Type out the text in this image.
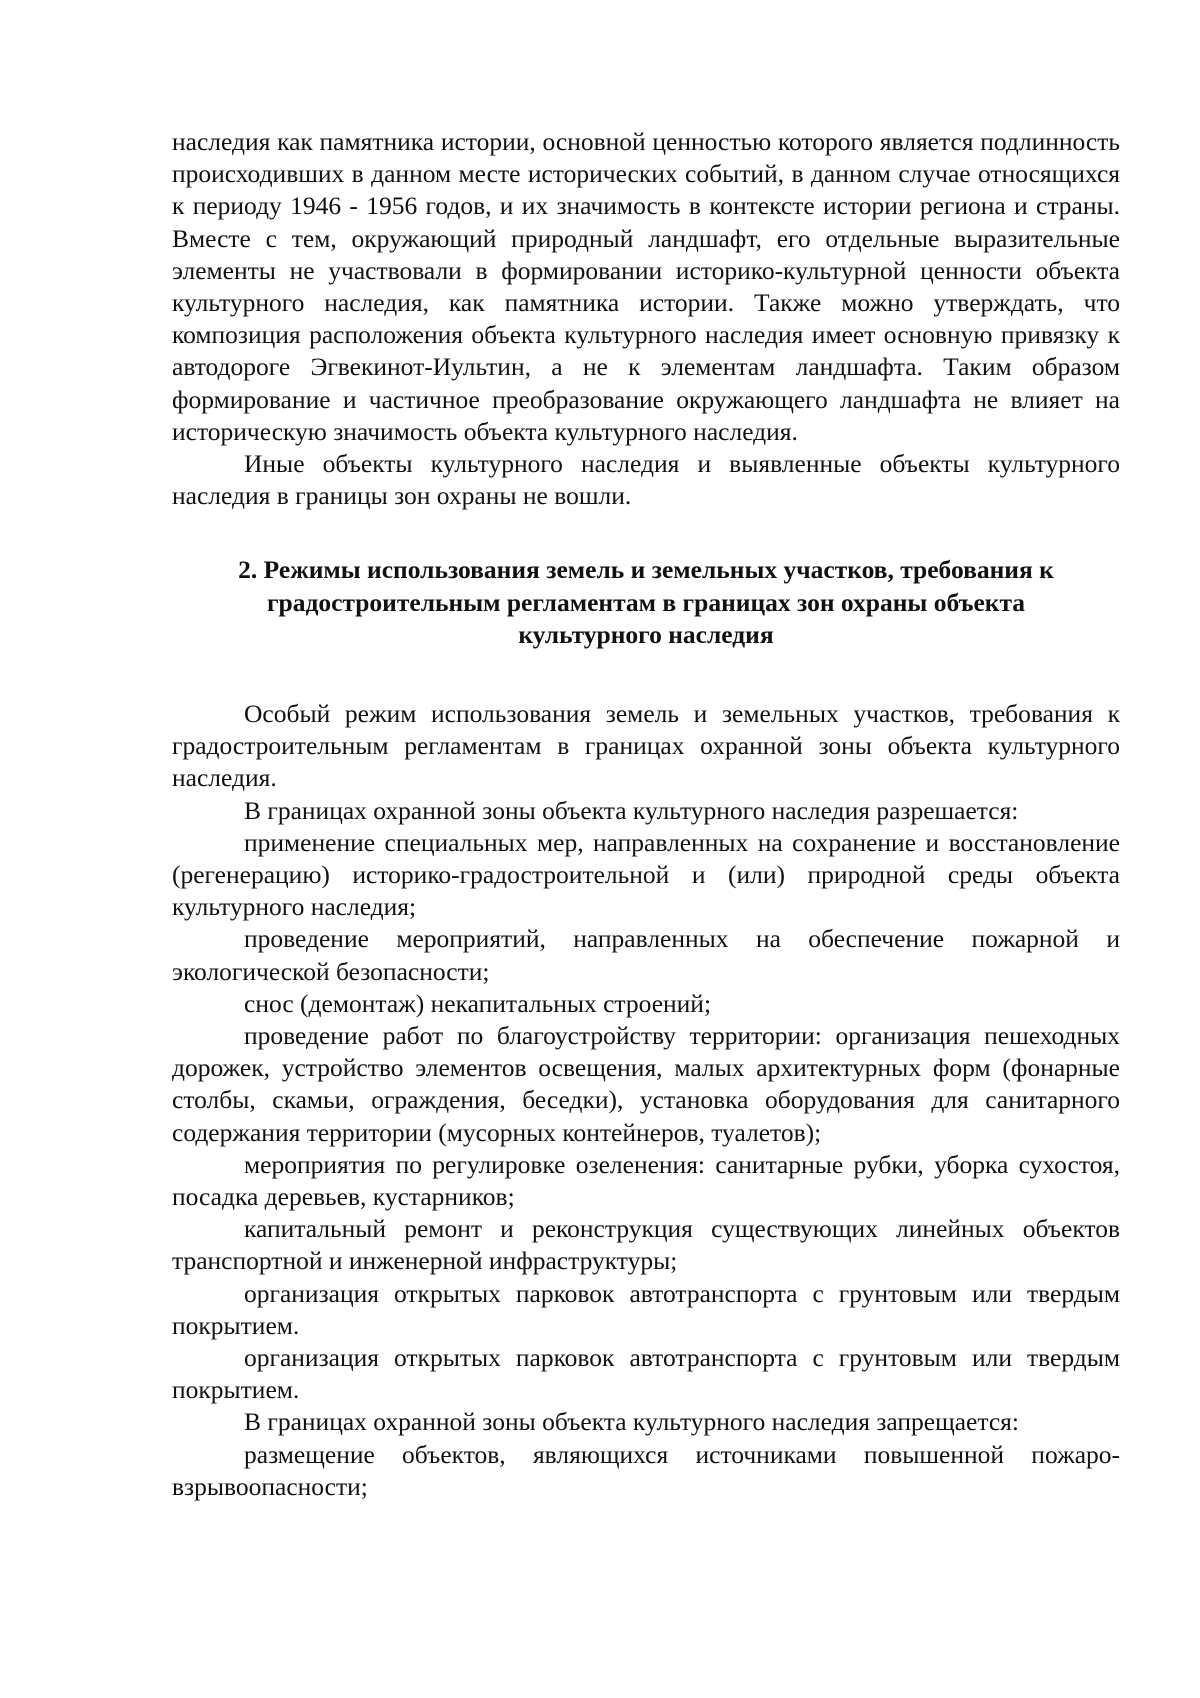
наследия как памятника истории, основной ценностью которого является подлинность происходивших в данном месте исторических событий, в данном случае относящихся к периоду 1946 - 1956 годов, и их значимость в контексте истории региона и страны. Вместе с тем, окружающий природный ландшафт, его отдельные выразительные элементы не участвовали в формировании историко-культурной ценности объекта культурного наследия, как памятника истории. Также можно утверждать, что композиция расположения объекта культурного наследия имеет основную привязку к автодороге Эгвекинот-Иультин, а не к элементам ландшафта. Таким образом формирование и частичное преобразование окружающего ландшафта не влияет на историческую значимость объекта культурного наследия.

Иные объекты культурного наследия и выявленные объекты культурного наследия в границы зон охраны не вошли.

2. Режимы использования земель и земельных участков, требования к
градостроительным регламентам в границах зон охраны объекта
культурного наследия

Особый режим использования земель и земельных участков, требования к градостроительным регламентам в границах охранной зоны объекта культурного наследия.

В границах охранной зоны объекта культурного наследия разрешается:

применение специальных мер, направленных на сохранение и восстановление (регенерацию) историко-градостроительной и (или) природной среды объекта культурного наследия;

проведение мероприятий, направленных на обеспечение пожарной и экологической безопасности;

снос (демонтаж) некапитальных строений;

проведение работ по благоустройству территории: организация пешеходных дорожек, устройство элементов освещения, малых архитектурных форм (фонарные столбы, скамьи, ограждения, беседки), установка оборудования для санитарного содержания территории (мусорных контейнеров, туалетов);

мероприятия по регулировке озеленения: санитарные рубки, уборка сухостоя, посадка деревьев, кустарников;

капитальный ремонт и реконструкция существующих линейных объектов транспортной и инженерной инфраструктуры;

организация открытых парковок автотранспорта с грунтовым или твердым покрытием.

организация открытых парковок автотранспорта с грунтовым или твердым покрытием.

В границах охранной зоны объекта культурного наследия запрещается:

размещение объектов, являющихся источниками повышенной пожаро-взрывоопасности;
